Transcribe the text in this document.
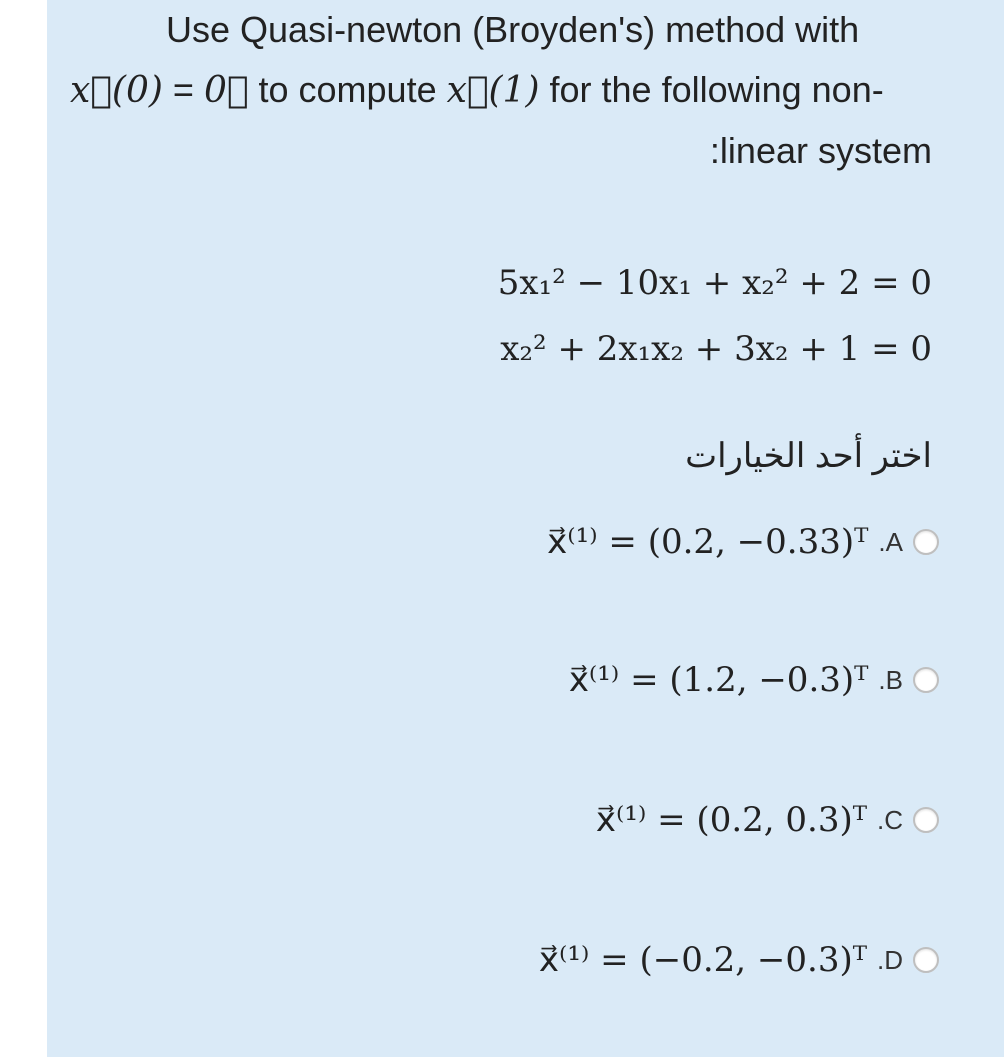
Use Quasi-newton (Broyden's) method with
x⃗(0) = 0⃗ to compute x⃗(1) for the following non-
:linear system
5x₁² − 10x₁ + x₂² + 2 = 0
x₂² + 2x₁x₂ + 3x₂ + 1 = 0
اختر أحد الخيارات
x⃗⁽¹⁾ = (0.2, −0.33)ᵀ .A
x⃗⁽¹⁾ = (1.2, −0.3)ᵀ .B
x⃗⁽¹⁾ = (0.2, 0.3)ᵀ .C
x⃗⁽¹⁾ = (−0.2, −0.3)ᵀ .D
